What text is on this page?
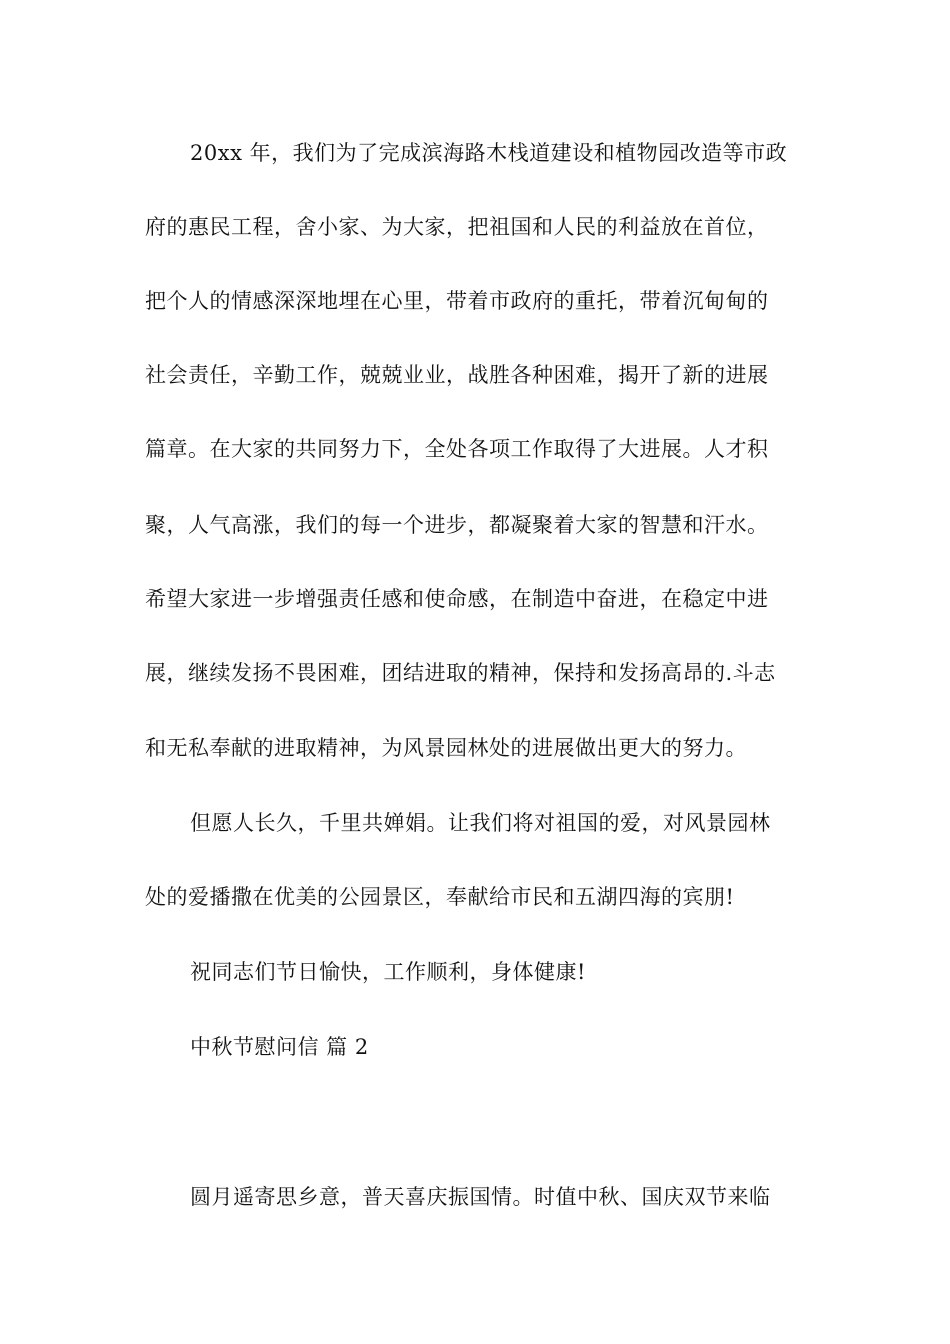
20xx 年，我们为了完成滨海路木栈道建设和植物园改造等市政
府的惠民工程，舍小家、为大家，把祖国和人民的利益放在首位，
把个人的情感深深地埋在心里，带着市政府的重托，带着沉甸甸的
社会责任，辛勤工作，兢兢业业，战胜各种困难，揭开了新的进展
篇章。在大家的共同努力下，全处各项工作取得了大进展。人才积
聚，人气高涨，我们的每一个进步，都凝聚着大家的智慧和汗水。
希望大家进一步增强责任感和使命感，在制造中奋进，在稳定中进
展，继续发扬不畏困难，团结进取的精神，保持和发扬高昂的.斗志
和无私奉献的进取精神，为风景园林处的进展做出更大的努力。
但愿人长久，千里共婵娟。让我们将对祖国的爱，对风景园林
处的爱播撒在优美的公园景区，奉献给市民和五湖四海的宾朋!
祝同志们节日愉快，工作顺利，身体健康!
中秋节慰问信 篇 2
圆月遥寄思乡意，普天喜庆振国情。时值中秋、国庆双节来临
